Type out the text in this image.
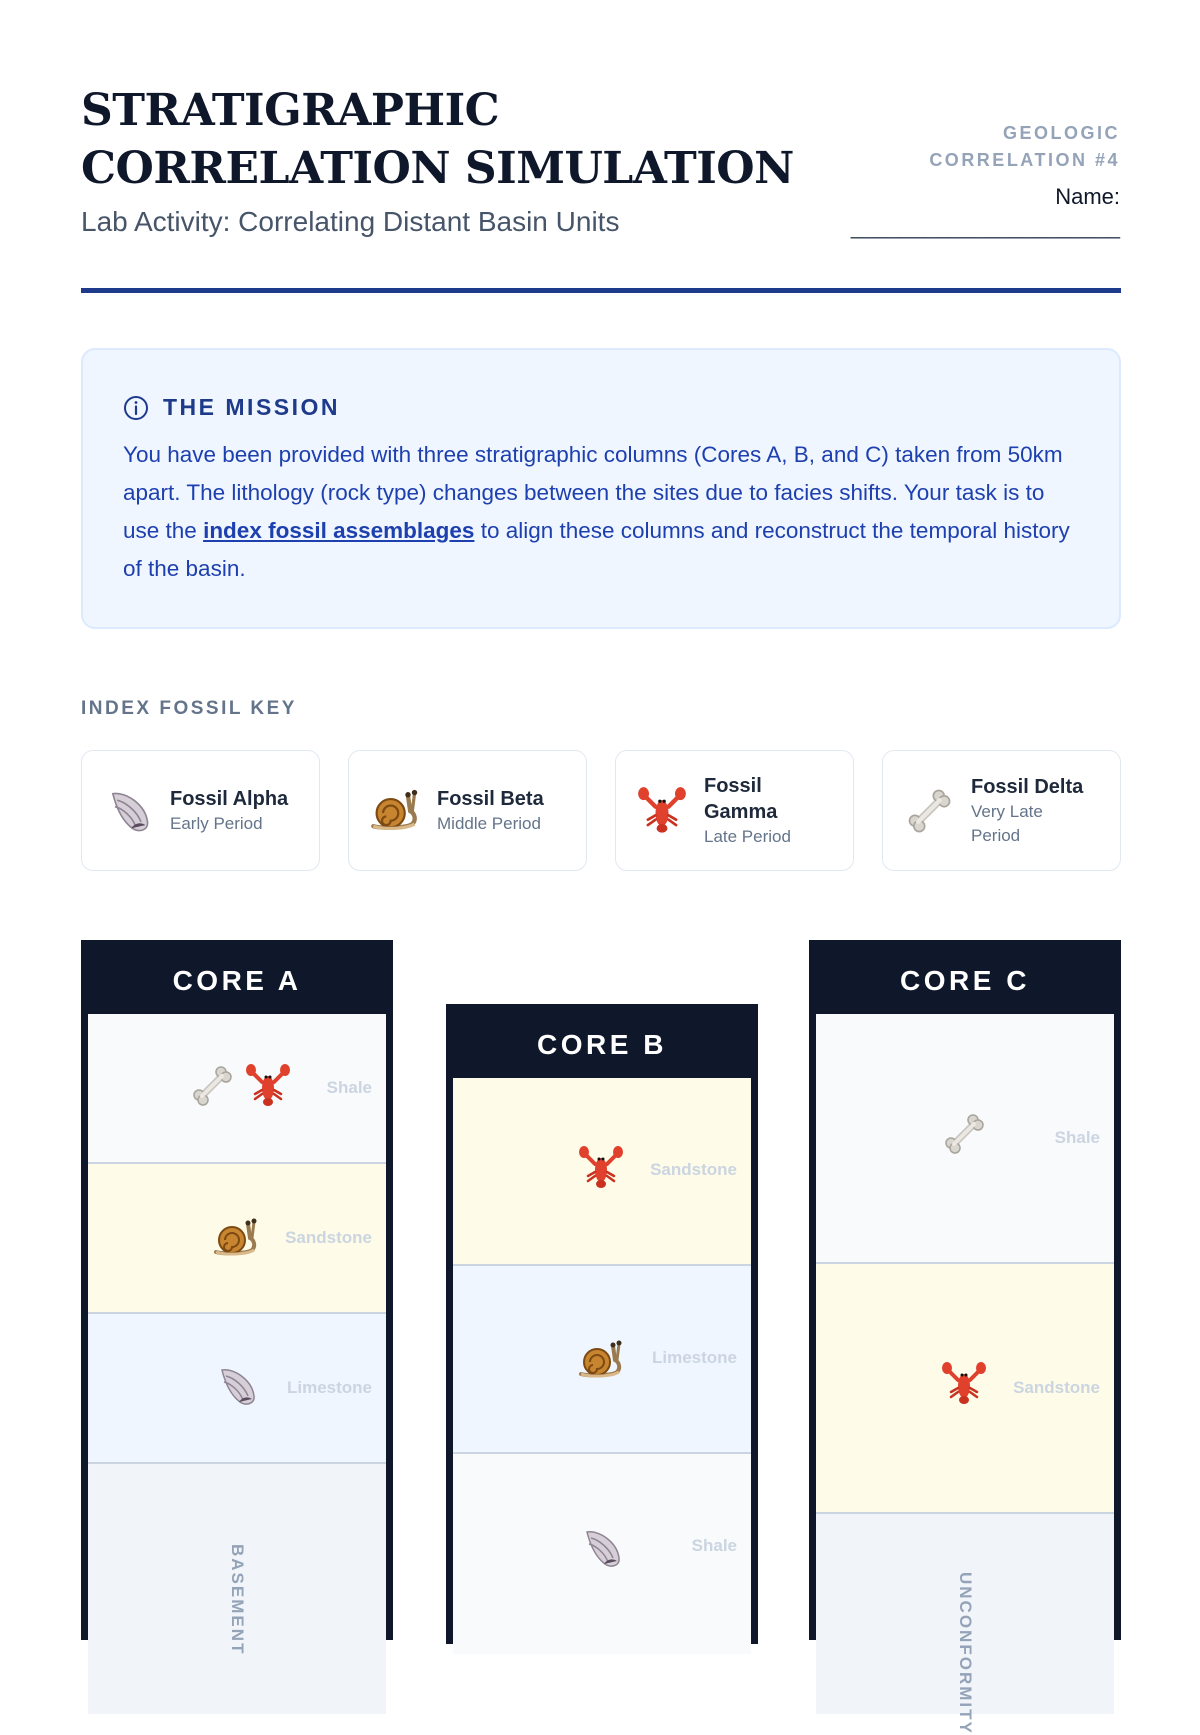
STRATIGRAPHIC CORRELATION SIMULATION
Lab Activity: Correlating Distant Basin Units
GEOLOGIC CORRELATION #4
Name:
______________________
THE MISSION

You have been provided with three stratigraphic columns (Cores A, B, and C) taken from 50km apart. The lithology (rock type) changes between the sites due to facies shifts. Your task is to use the index fossil assemblages to align these columns and reconstruct the temporal history of the basin.

INDEX FOSSIL KEY
Fossil Alpha
Early Period
Fossil Beta
Middle Period
Fossil Gamma
Late Period
Fossil Delta
Very Late Period
CORE A
Shale
Sandstone
Limestone
BASEMENT
CORE B
Sandstone
Limestone
Shale
CORE C
Shale
Sandstone
UNCONFORMITY
